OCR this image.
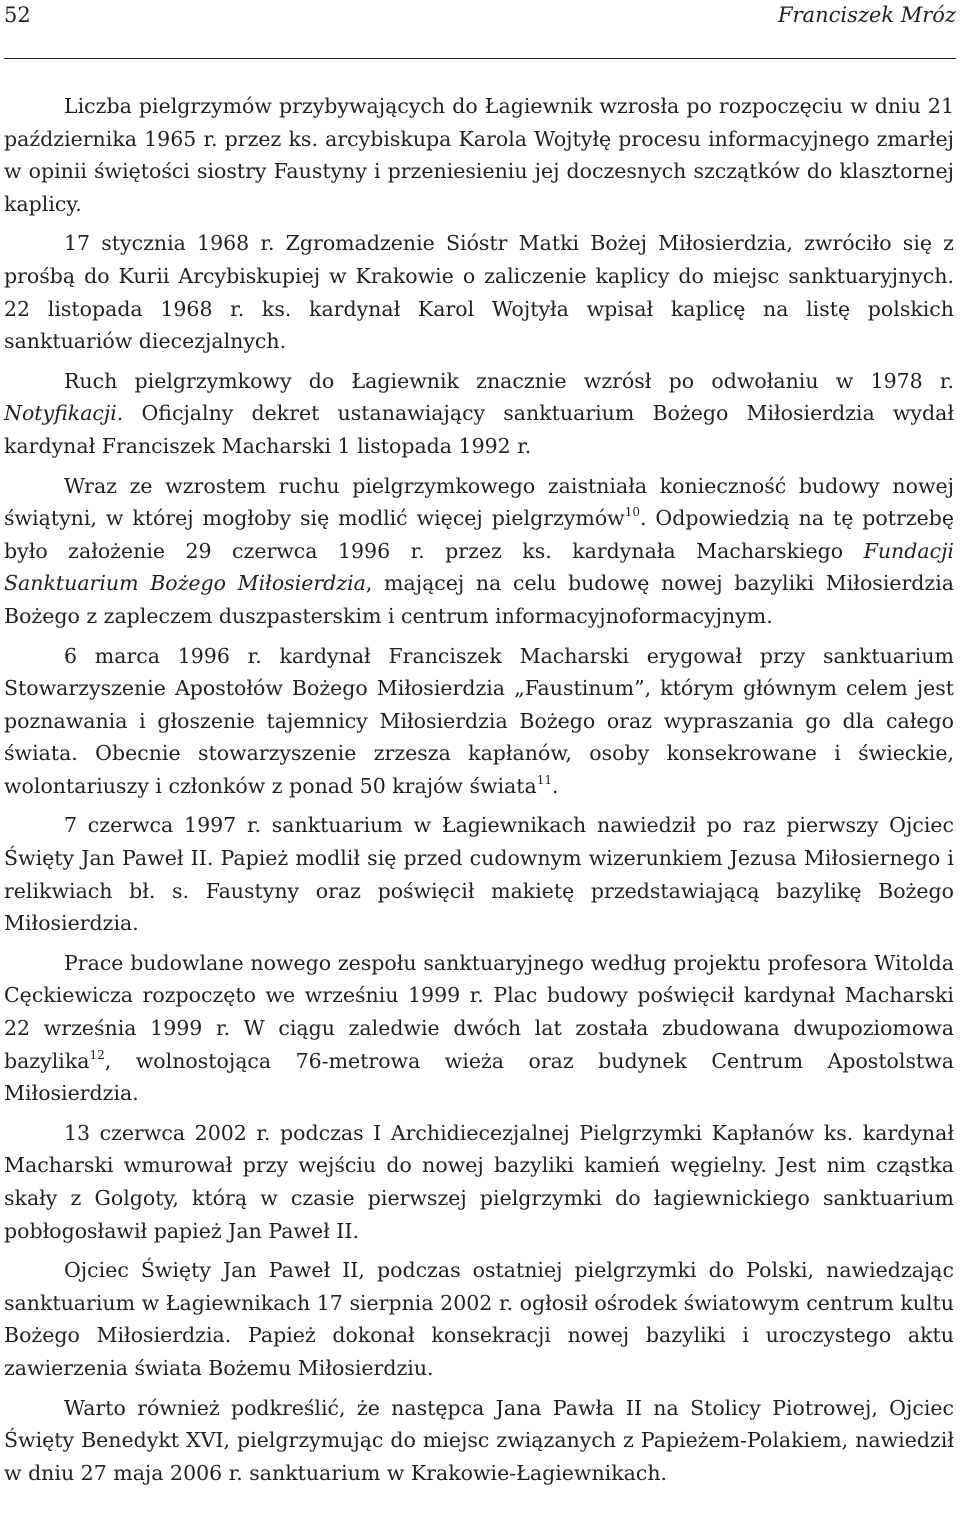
52	Franciszek Mróz

Liczba pielgrzymów przybywających do Łagiewnik wzrosła po rozpoczęciu w dniu 21 października 1965 r. przez ks. arcybiskupa Karola Wojtyłę procesu informacyjnego zmarłej w opinii świętości siostry Faustyny i przeniesieniu jej doczesnych szczątków do klasztornej kaplicy.

17 stycznia 1968 r. Zgromadzenie Sióstr Matki Bożej Miłosierdzia, zwróciło się z prośbą do Kurii Arcybiskupiej w Krakowie o zaliczenie kaplicy do miejsc sanktuaryjnych. 22 listopada 1968 r. ks. kardynał Karol Wojtyła wpisał kaplicę na listę polskich sanktuariów diecezjalnych.

Ruch pielgrzymkowy do Łagiewnik znacznie wzrósł po odwołaniu w 1978 r. Notyfikacji. Oficjalny dekret ustanawiający sanktuarium Bożego Miłosierdzia wydał kardynał Franciszek Macharski 1 listopada 1992 r.

Wraz ze wzrostem ruchu pielgrzymkowego zaistniała konieczność budowy nowej świątyni, w której mogłoby się modlić więcej pielgrzymów$^{10}$. Odpowiedzią na tę potrzebę było założenie 29 czerwca 1996 r. przez ks. kardynała Macharskiego Fundacji Sanktuarium Bożego Miłosierdzia, mającej na celu budowę nowej bazyliki Miłosierdzia Bożego z zapleczem duszpasterskim i centrum informacyjnoformacyjnym.

6 marca 1996 r. kardynał Franciszek Macharski erygował przy sanktuarium Stowarzyszenie Apostołów Bożego Miłosierdzia „Faustinum”, którym głównym celem jest poznawania i głoszenie tajemnicy Miłosierdzia Bożego oraz wypraszania go dla całego świata. Obecnie stowarzyszenie zrzesza kapłanów, osoby konsekrowane i świeckie, wolontariuszy i członków z ponad 50 krajów świata$^{11}$.

7 czerwca 1997 r. sanktuarium w Łagiewnikach nawiedził po raz pierwszy Ojciec Święty Jan Paweł II. Papież modlił się przed cudownym wizerunkiem Jezusa Miłosiernego i relikwiach bł. s. Faustyny oraz poświęcił makietę przedstawiającą bazylikę Bożego Miłosierdzia.

Prace budowlane nowego zespołu sanktuaryjnego według projektu profesora Witolda Cęckiewicza rozpoczęto we wrześniu 1999 r. Plac budowy poświęcił kardynał Macharski 22 września 1999 r. W ciągu zaledwie dwóch lat została zbudowana dwupoziomowa bazylika$^{12}$, wolnostojąca 76-metrowa wieża oraz budynek Centrum Apostolstwa Miłosierdzia.

13 czerwca 2002 r. podczas I Archidiecezjalnej Pielgrzymki Kapłanów ks. kardynał Macharski wmurował przy wejściu do nowej bazyliki kamień węgielny. Jest nim cząstka skały z Golgoty, którą w czasie pierwszej pielgrzymki do łagiewnickiego sanktuarium pobłogosławił papież Jan Paweł II.

Ojciec Święty Jan Paweł II, podczas ostatniej pielgrzymki do Polski, nawiedzając sanktuarium w Łagiewnikach 17 sierpnia 2002 r. ogłosił ośrodek światowym centrum kultu Bożego Miłosierdzia. Papież dokonał konsekracji nowej bazyliki i uroczystego aktu zawierzenia świata Bożemu Miłosierdziu.

Warto również podkreślić, że następca Jana Pawła II na Stolicy Piotrowej, Ojciec Święty Benedykt XVI, pielgrzymując do miejsc związanych z Papieżem-Polakiem, nawiedził w dniu 27 maja 2006 r. sanktuarium w Krakowie-Łagiewnikach.
